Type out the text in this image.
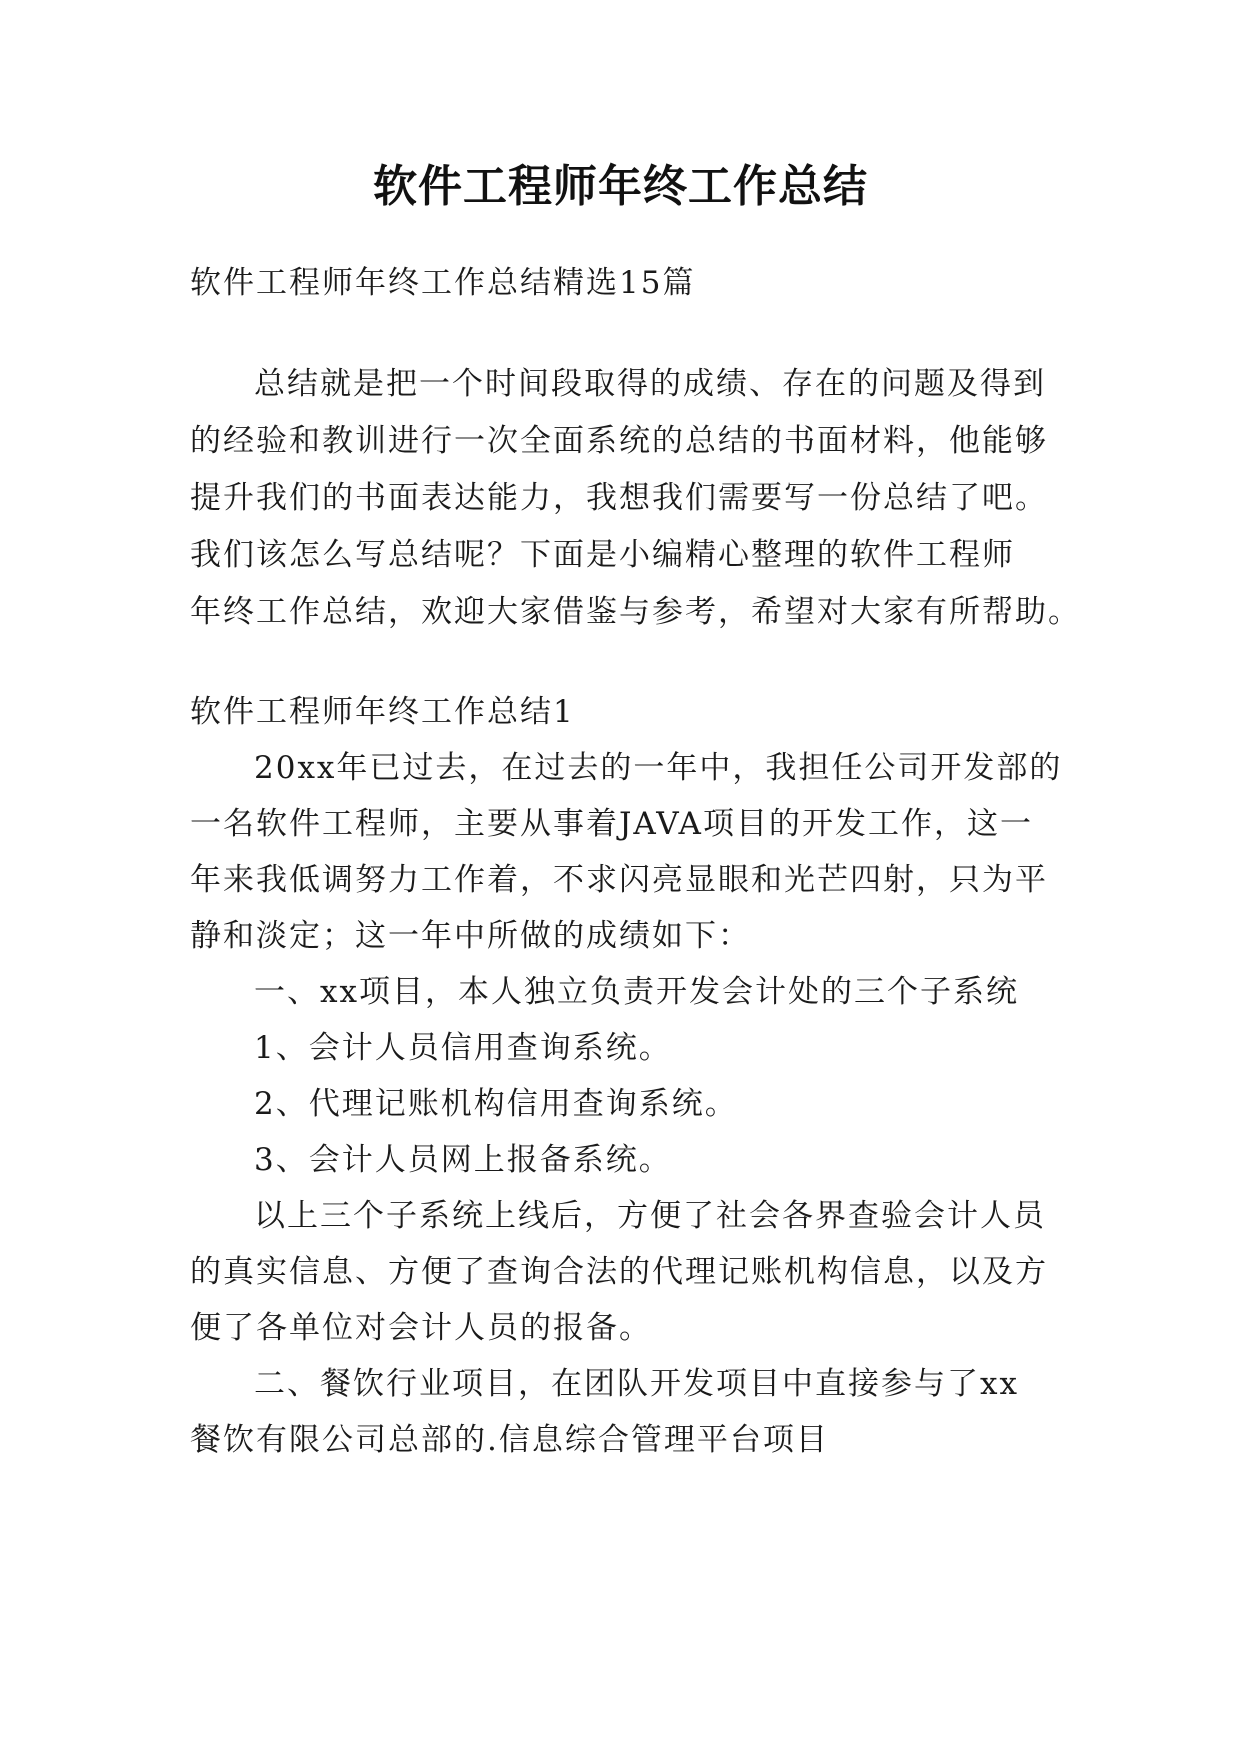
软件工程师年终工作总结
软件工程师年终工作总结精选15篇
总结就是把一个时间段取得的成绩、存在的问题及得到
的经验和教训进行一次全面系统的总结的书面材料，他能够
提升我们的书面表达能力，我想我们需要写一份总结了吧。
我们该怎么写总结呢？下面是小编精心整理的软件工程师
年终工作总结，欢迎大家借鉴与参考，希望对大家有所帮助。
软件工程师年终工作总结1
20xx年已过去，在过去的一年中，我担任公司开发部的
一名软件工程师，主要从事着JAVA项目的开发工作，这一
年来我低调努力工作着，不求闪亮显眼和光芒四射，只为平
静和淡定；这一年中所做的成绩如下：
一、xx项目，本人独立负责开发会计处的三个子系统
1、会计人员信用查询系统。
2、代理记账机构信用查询系统。
3、会计人员网上报备系统。
以上三个子系统上线后，方便了社会各界查验会计人员
的真实信息、方便了查询合法的代理记账机构信息，以及方
便了各单位对会计人员的报备。
二、餐饮行业项目，在团队开发项目中直接参与了xx
餐饮有限公司总部的.信息综合管理平台项目
